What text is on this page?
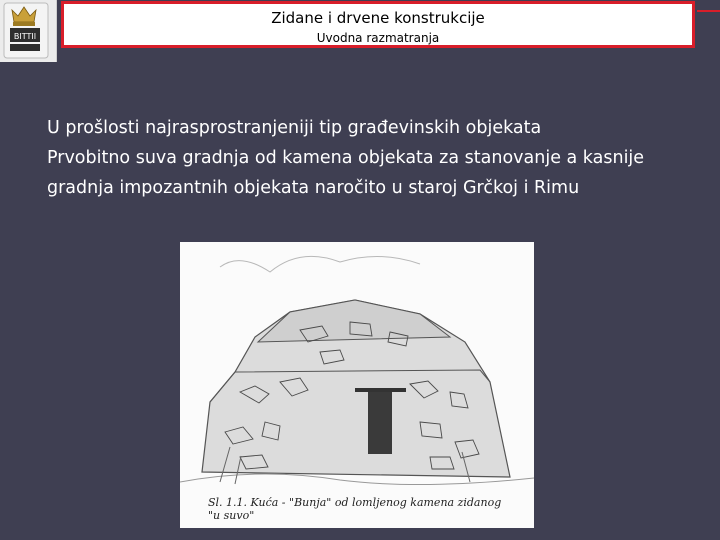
BITTII
Zidane i drvene konstrukcije
Uvodna razmatranja

U prošlosti najrasprostranjeniji tip građevinskih objekata

Prvobitno suva gradnja od kamena objekata za stanovanje a kasnije gradnja impozantnih objekata naročito u staroj Grčkoj i Rimu

Sl. 1.1. Kuća - "Bunja" od lomljenog kamena zidanog "u suvo"
